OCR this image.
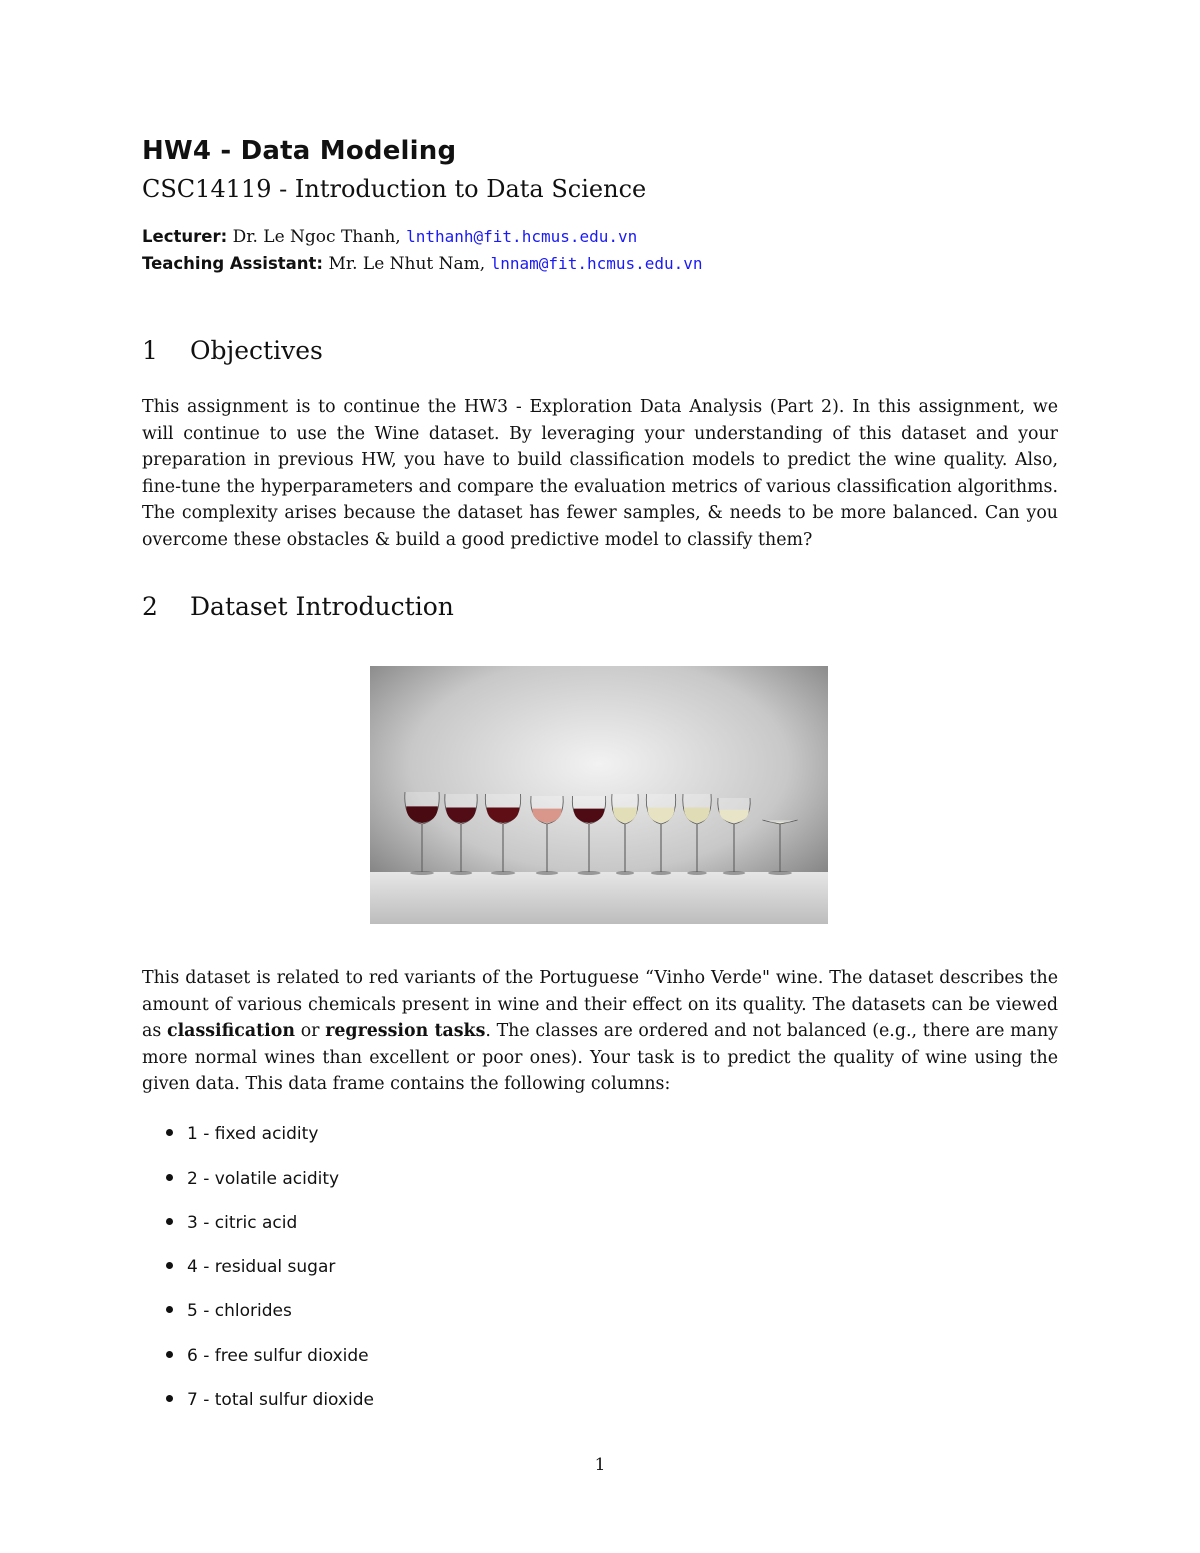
HW4 - Data Modeling
CSC14119 - Introduction to Data Science
Lecturer: Dr. Le Ngoc Thanh, lnthanh@fit.hcmus.edu.vn
Teaching Assistant: Mr. Le Nhut Nam, lnnam@fit.hcmus.edu.vn
1 Objectives
This assignment is to continue the HW3 - Exploration Data Analysis (Part 2). In this assignment, we will continue to use the Wine dataset. By leveraging your understanding of this dataset and your preparation in previous HW, you have to build classification models to predict the wine quality. Also, fine-tune the hyperparameters and compare the evaluation metrics of various classification algorithms. The complexity arises because the dataset has fewer samples, & needs to be more balanced. Can you overcome these obstacles & build a good predictive model to classify them?
2 Dataset Introduction
This dataset is related to red variants of the Portuguese “Vinho Verde" wine. The dataset describes the amount of various chemicals present in wine and their effect on its quality. The datasets can be viewed as classification or regression tasks. The classes are ordered and not balanced (e.g., there are many more normal wines than excellent or poor ones). Your task is to predict the quality of wine using the given data. This data frame contains the following columns:
1 - fixed acidity
2 - volatile acidity
3 - citric acid
4 - residual sugar
5 - chlorides
6 - free sulfur dioxide
7 - total sulfur dioxide
1
